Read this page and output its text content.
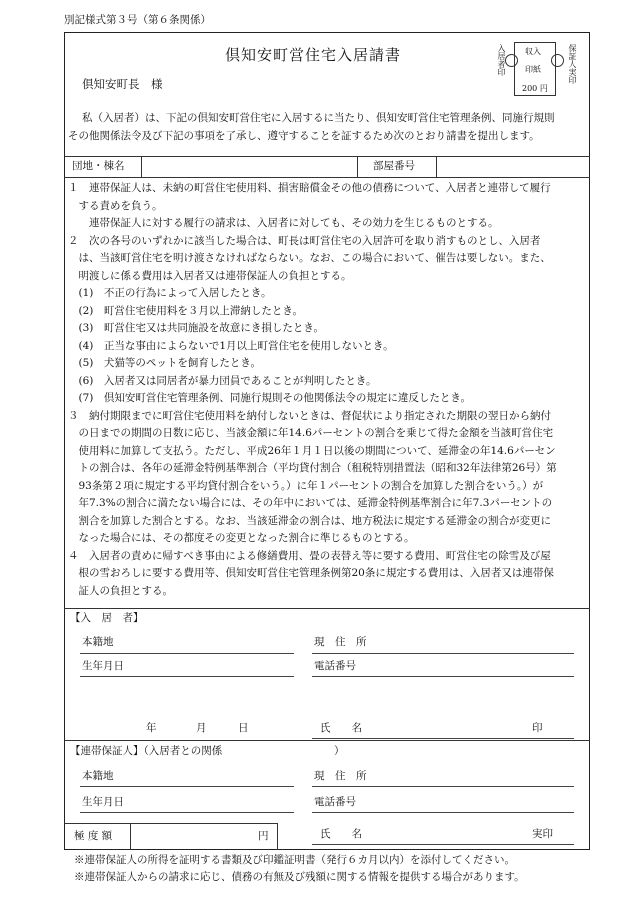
別記様式第３号（第６条関係）
倶知安町営住宅入居請書
倶知安町長　様
入居者印 収入
印紙
200 円
保証人実印
私（入居者）は、下記の倶知安町営住宅に入居するに当たり、倶知安町営住宅管理条例、同施行規則
その他関係法令及び下記の事項を了承し、遵守することを証するため次のとおり請書を提出します。
団地・棟名	部屋番号
１　連帯保証人は、未納の町営住宅使用料、損害賠償金その他の債務について、入居者と連帯して履行
　する責めを負う。
　　連帯保証人に対する履行の請求は、入居者に対しても、その効力を生じるものとする。
２　次の各号のいずれかに該当した場合は、町長は町営住宅の入居許可を取り消すものとし、入居者
　は、当該町営住宅を明け渡さなければならない。なお、この場合において、催告は要しない。また、
　明渡しに係る費用は入居者又は連帯保証人の負担とする。
　(1)　不正の行為によって入居したとき。
　(2)　町営住宅使用料を３月以上滞納したとき。
　(3)　町営住宅又は共同施設を故意にき損したとき。
　(4)　正当な事由によらないで1月以上町営住宅を使用しないとき。
　(5)　犬猫等のペットを飼育したとき。
　(6)　入居者又は同居者が暴力団員であることが判明したとき。
　(7)　倶知安町営住宅管理条例、同施行規則その他関係法令の規定に違反したとき。
３　納付期限までに町営住宅使用料を納付しないときは、督促状により指定された期限の翌日から納付
　の日までの期間の日数に応じ、当該金額に年14.6パーセントの割合を乗じて得た金額を当該町営住宅
　使用料に加算して支払う。ただし、平成26年１月１日以後の期間について、延滞金の年14.6パーセン
　トの割合は、各年の延滞金特例基準割合（平均貸付割合（租税特別措置法（昭和32年法律第26号）第
　93条第２項に規定する平均貸付割合をいう。）に年１パーセントの割合を加算した割合をいう。）が
　年7.3%の割合に満たない場合には、その年中においては、延滞金特例基準割合に年7.3パーセントの
　割合を加算した割合とする。なお、当該延滞金の割合は、地方税法に規定する延滞金の割合が変更に
　なった場合には、その都度その変更となった割合に準じるものとする。
４　入居者の責めに帰すべき事由による修繕費用、畳の表替え等に要する費用、町営住宅の除雪及び屋
　根の雪おろしに要する費用等、倶知安町営住宅管理条例第20条に規定する費用は、入居者又は連帯保
　証人の負担とする。
【入　居　者】
本籍地	現　住　所
生年月日	電話番号
年	月	日	氏　　名	印
【連帯保証人】（入居者との関係	）
本籍地	現　住　所
生年月日	電話番号
極 度 額	円	氏　　名	実印
※連帯保証人の所得を証明する書類及び印鑑証明書（発行６カ月以内）を添付してください。
※連帯保証人からの請求に応じ、債務の有無及び残額に関する情報を提供する場合があります。
